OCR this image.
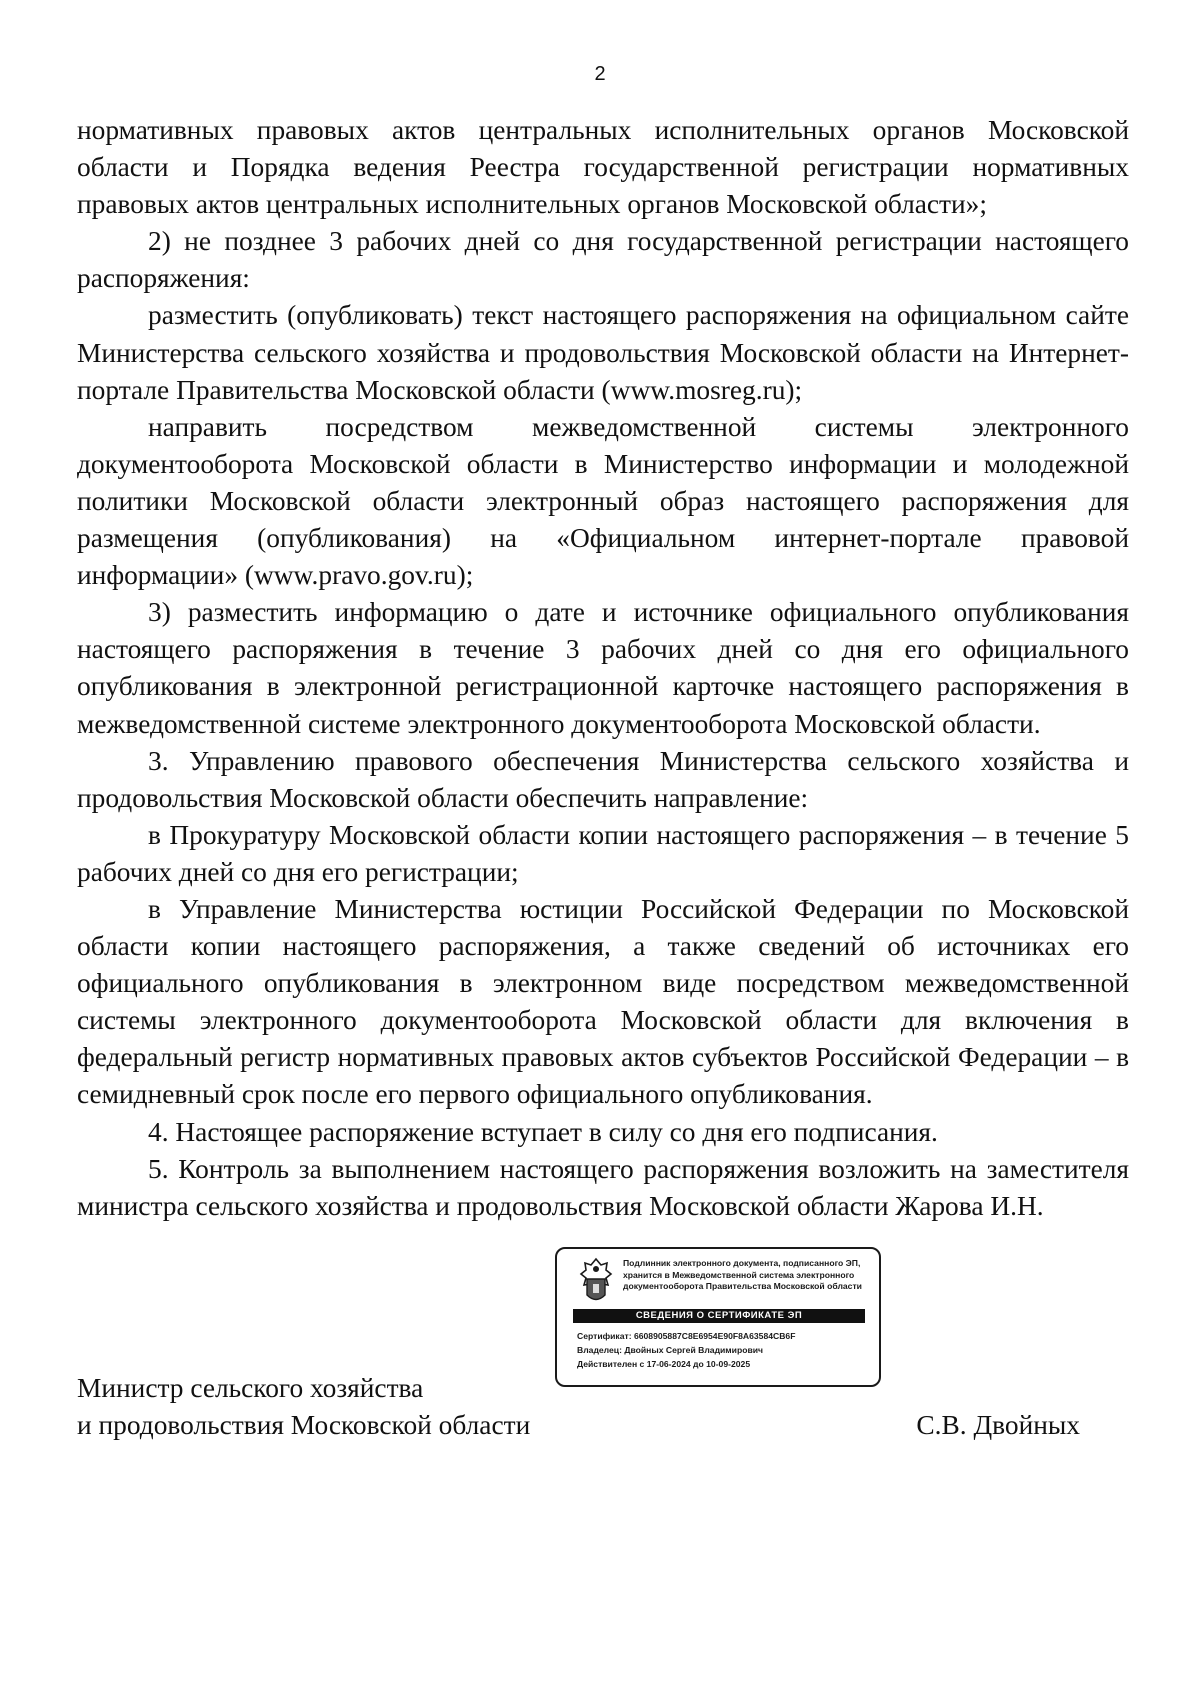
2

нормативных правовых актов центральных исполнительных органов Московской области и Порядка ведения Реестра государственной регистрации нормативных правовых актов центральных исполнительных органов Московской области»;

2) не позднее 3 рабочих дней со дня государственной регистрации настоящего распоряжения:

разместить (опубликовать) текст настоящего распоряжения на официальном сайте Министерства сельского хозяйства и продовольствия Московской области на Интернет-портале Правительства Московской области (www.mosreg.ru);

направить посредством межведомственной системы электронного документооборота Московской области в Министерство информации и молодежной политики Московской области электронный образ настоящего распоряжения для размещения (опубликования) на «Официальном интернет-портале правовой информации» (www.pravo.gov.ru);

3) разместить информацию о дате и источнике официального опубликования настоящего распоряжения в течение 3 рабочих дней со дня его официального опубликования в электронной регистрационной карточке настоящего распоряжения в межведомственной системе электронного документооборота Московской области.

3. Управлению правового обеспечения Министерства сельского хозяйства и продовольствия Московской области обеспечить направление:

в Прокуратуру Московской области копии настоящего распоряжения – в течение 5 рабочих дней со дня его регистрации;

в Управление Министерства юстиции Российской Федерации по Московской области копии настоящего распоряжения, а также сведений об источниках его официального опубликования в электронном виде посредством межведомственной системы электронного документооборота Московской области для включения в федеральный регистр нормативных правовых актов субъектов Российской Федерации – в семидневный срок после его первого официального опубликования.

4. Настоящее распоряжение вступает в силу со дня его подписания.

5. Контроль за выполнением настоящего распоряжения возложить на заместителя министра сельского хозяйства и продовольствия Московской области Жарова И.Н.

Подлинник электронного документа, подписанного ЭП,
хранится в Межведомственной система электронного
документооборота Правительства Московской области
СВЕДЕНИЯ О СЕРТИФИКАТЕ ЭП
Сертификат: 6608905887C8E6954E90F8A63584CB6F
Владелец: Двойных Сергей Владимирович
Действителен с 17-06-2024 до 10-09-2025
Министр сельского хозяйства
и продовольствия Московской области	С.В. Двойных
